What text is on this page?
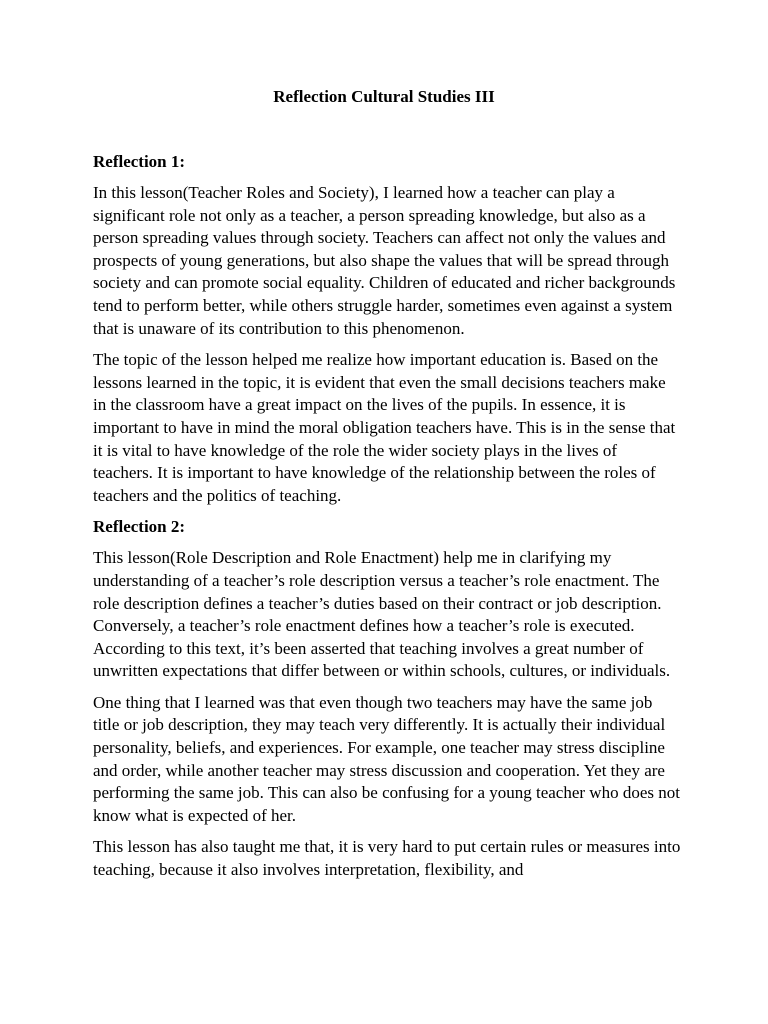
Reflection Cultural Studies III

Reflection 1:

In this lesson(Teacher Roles and Society), I learned how a teacher can play a significant role not only as a teacher, a person spreading knowledge, but also as a person spreading values through society. Teachers can affect not only the values and prospects of young generations, but also shape the values that will be spread through society and can promote social equality. Children of educated and richer backgrounds tend to perform better, while others struggle harder, sometimes even against a system that is unaware of its contribution to this phenomenon.

The topic of the lesson helped me realize how important education is. Based on the lessons learned in the topic, it is evident that even the small decisions teachers make in the classroom have a great impact on the lives of the pupils. In essence, it is important to have in mind the moral obligation teachers have. This is in the sense that it is vital to have knowledge of the role the wider society plays in the lives of teachers. It is important to have knowledge of the relationship between the roles of teachers and the politics of teaching.

Reflection 2:

This lesson(Role Description and Role Enactment) help me in clarifying my understanding of a teacher’s role description versus a teacher’s role enactment. The role description defines a teacher’s duties based on their contract or job description. Conversely, a teacher’s role enactment defines how a teacher’s role is executed. According to this text, it’s been asserted that teaching involves a great number of unwritten expectations that differ between or within schools, cultures, or individuals.

One thing that I learned was that even though two teachers may have the same job title or job description, they may teach very differently. It is actually their individual personality, beliefs, and experiences. For example, one teacher may stress discipline and order, while another teacher may stress discussion and cooperation. Yet they are performing the same job. This can also be confusing for a young teacher who does not know what is expected of her.

This lesson has also taught me that, it is very hard to put certain rules or measures into teaching, because it also involves interpretation, flexibility, and
